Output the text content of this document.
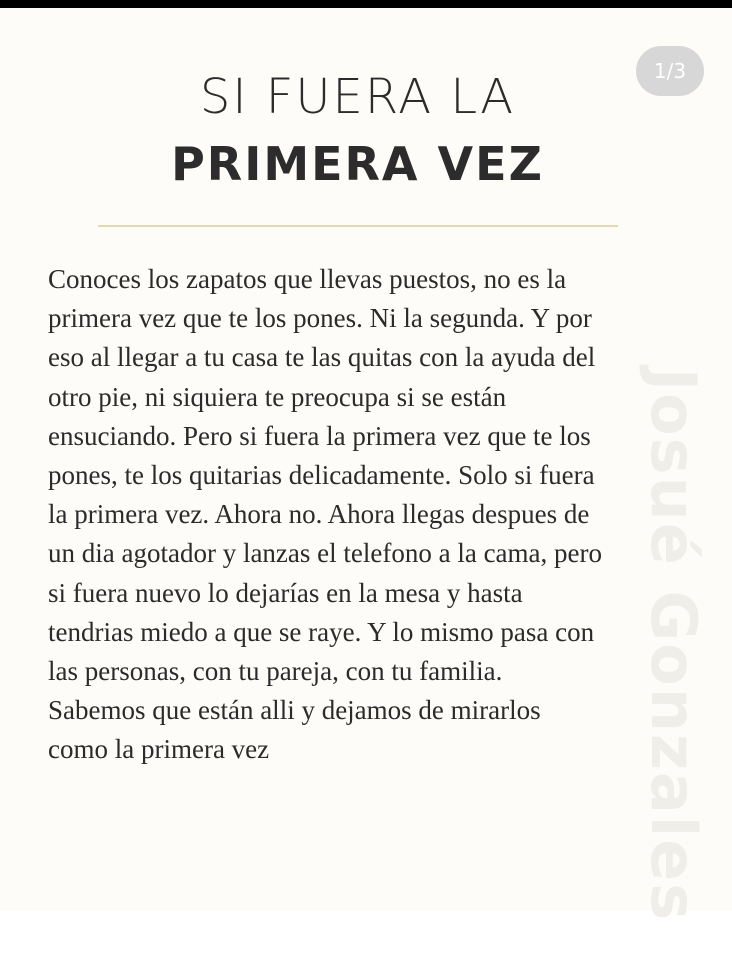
Josué Gonzales
SI FUERA LA
PRIMERA VEZ
Conoces los zapatos que llevas puestos, no es la
primera vez que te los pones. Ni la segunda. Y por
eso al llegar a tu casa te las quitas con la ayuda del
otro pie, ni siquiera te preocupa si se están
ensuciando. Pero si fuera la primera vez que te los
pones, te los quitarias delicadamente. Solo si fuera
la primera vez. Ahora no. Ahora llegas despues de
un dia agotador y lanzas el telefono a la cama, pero
si fuera nuevo lo dejarías en la mesa y hasta
tendrias miedo a que se raye. Y lo mismo pasa con
las personas, con tu pareja, con tu familia.
Sabemos que están alli y dejamos de mirarlos
como la primera vez
1/3
